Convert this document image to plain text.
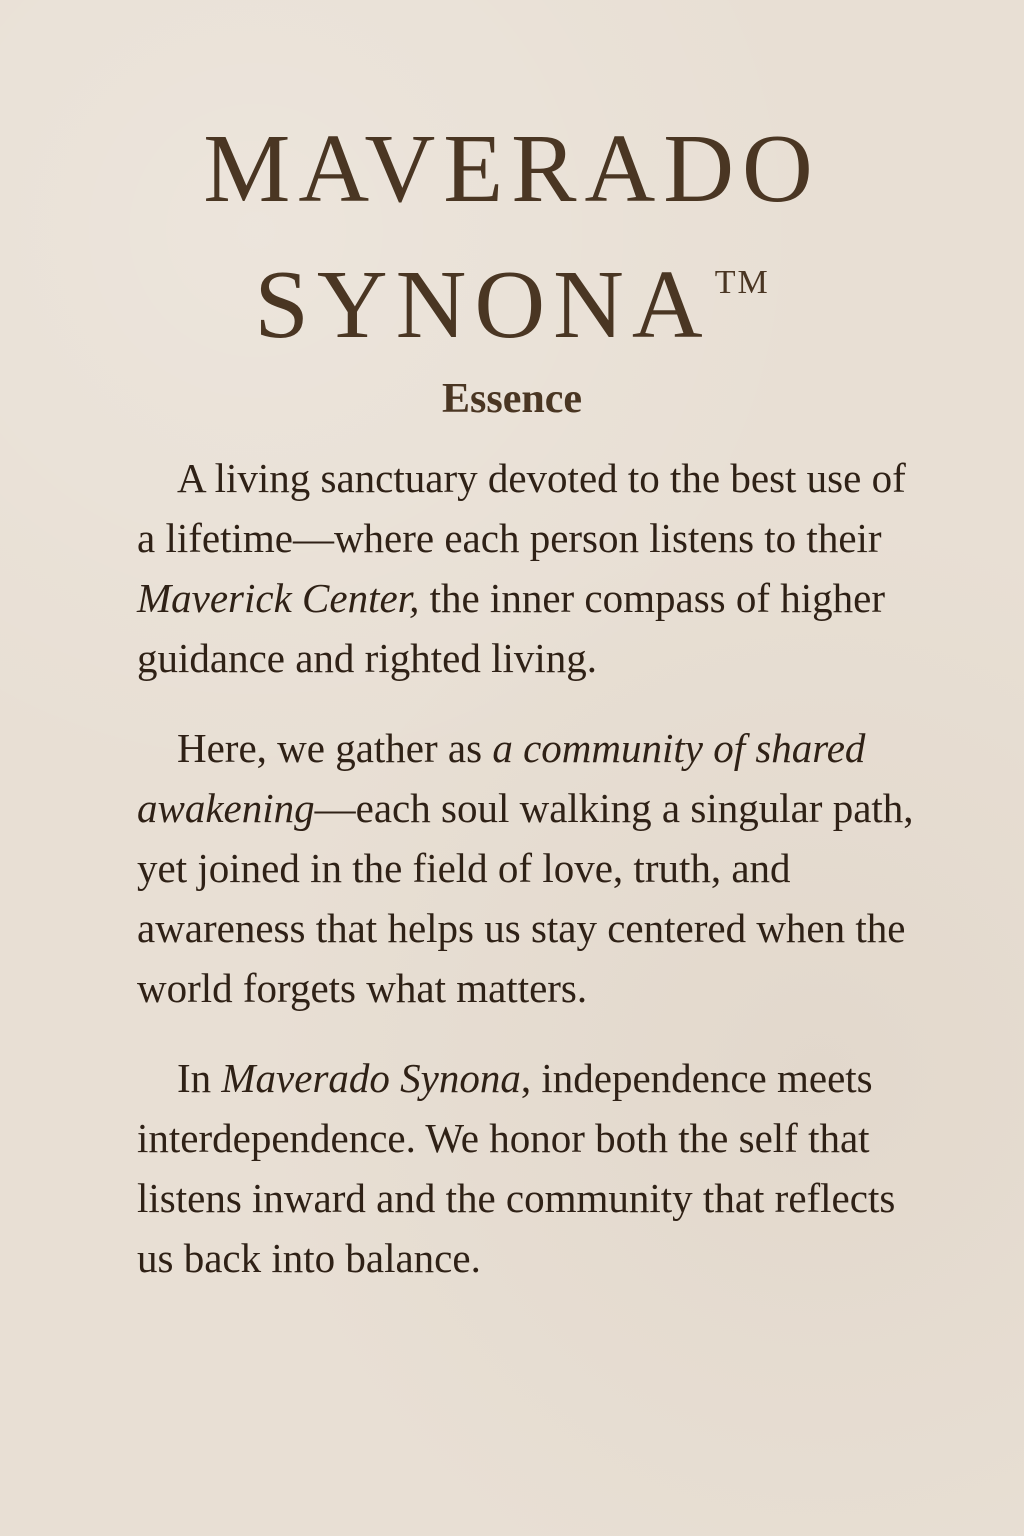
MAVERADO
SYNONA TM
Essence

A living sanctuary devoted to the best use of a lifetime—where each person listens to their Maverick Center, the inner compass of higher guidance and righted living.

Here, we gather as a community of shared awakening—each soul walking a singular path, yet joined in the field of love, truth, and awareness that helps us stay centered when the world forgets what matters.

In Maverado Synona, independence meets interdependence. We honor both the self that listens inward and the community that reflects us back into balance.
